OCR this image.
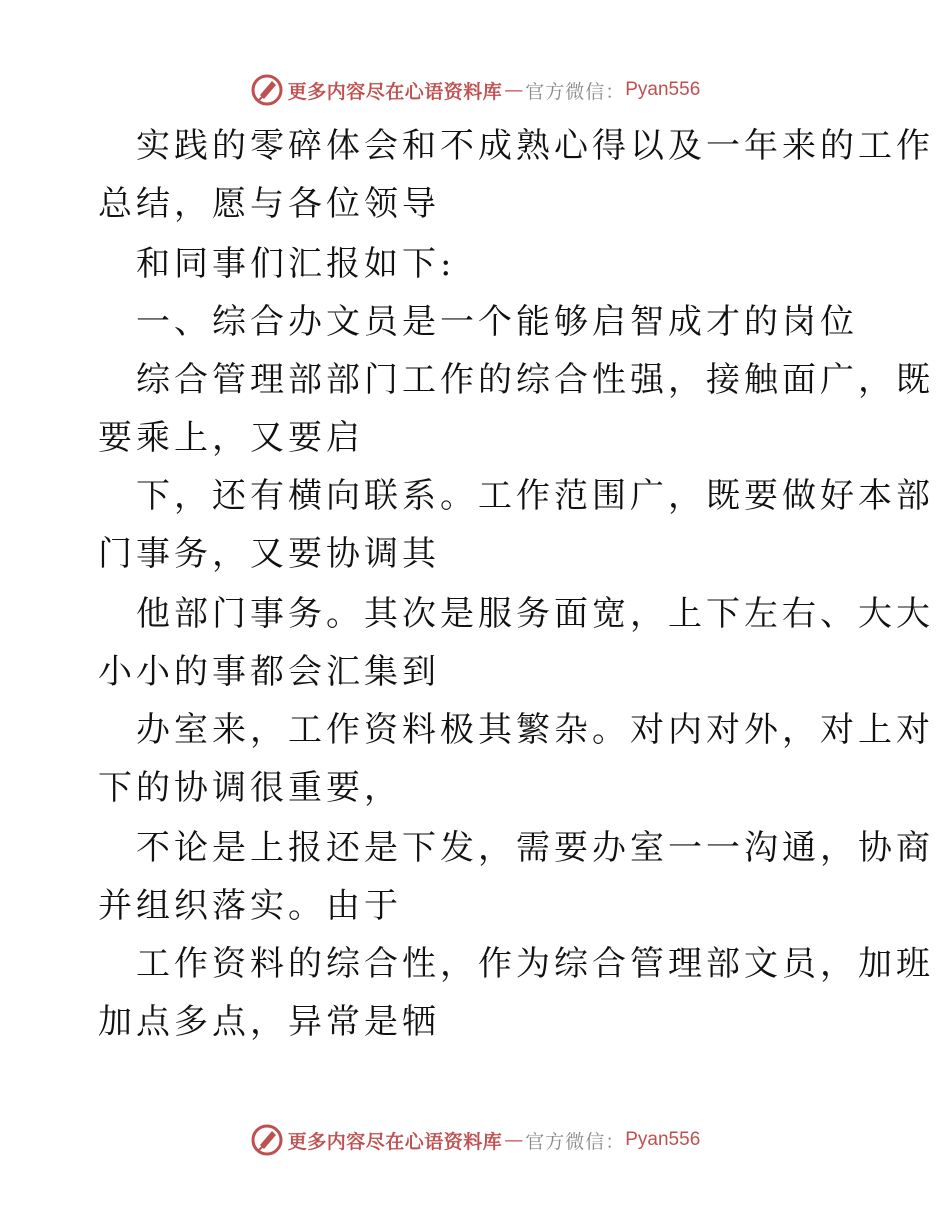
更多内容尽在心语资料库 — 官方微信： Pyan556
实践的零碎体会和不成熟心得以及一年来的工作
总结，愿与各位领导
和同事们汇报如下:
一、综合办文员是一个能够启智成才的岗位
综合管理部部门工作的综合性强，接触面广，既
要乘上，又要启
下，还有横向联系。工作范围广，既要做好本部
门事务，又要协调其
他部门事务。其次是服务面宽，上下左右、大大
小小的事都会汇集到
办室来，工作资料极其繁杂。对内对外，对上对
下的协调很重要，
不论是上报还是下发，需要办室一一沟通，协商
并组织落实。由于
工作资料的综合性，作为综合管理部文员，加班
加点多点，异常是牺
更多内容尽在心语资料库 — 官方微信： Pyan556
